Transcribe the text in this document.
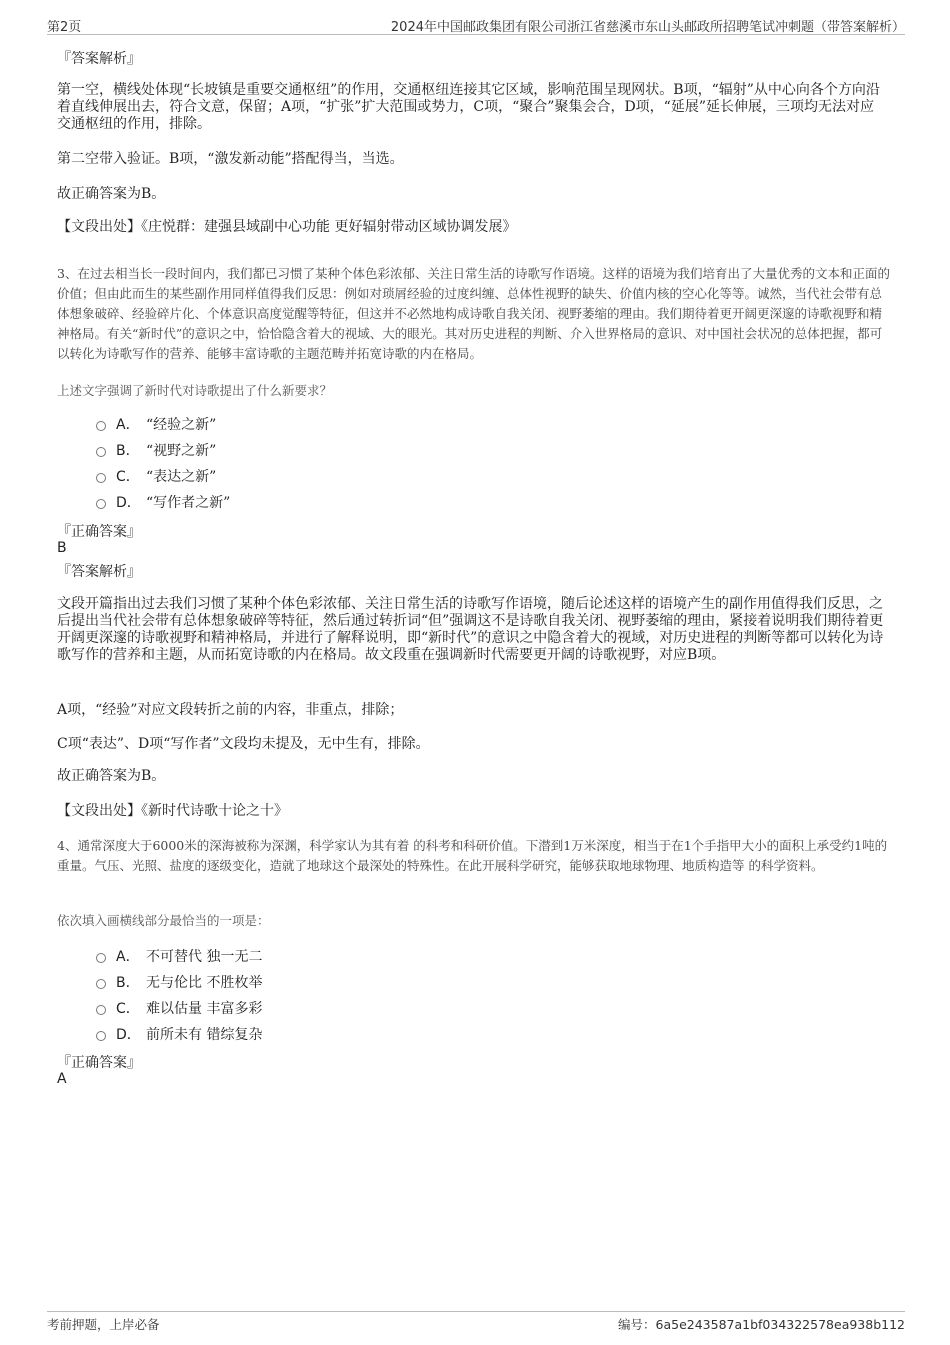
第2页	2024年中国邮政集团有限公司浙江省慈溪市东山头邮政所招聘笔试冲刺题（带答案解析）
『答案解析』
第一空，横线处体现“长坡镇是重要交通枢纽”的作用，交通枢纽连接其它区域，影响范围呈现网状。B项，“辐射”从中心向各个方向沿着直线伸展出去，符合文意，保留；A项，“扩张”扩大范围或势力，C项，“聚合”聚集会合，D项，“延展”延长伸展，三项均无法对应交通枢纽的作用，排除。
第二空带入验证。B项，“激发新动能”搭配得当，当选。
故正确答案为B。
【文段出处】《庄悦群：建强县域副中心功能 更好辐射带动区域协调发展》
3、在过去相当长一段时间内，我们都已习惯了某种个体色彩浓郁、关注日常生活的诗歌写作语境。这样的语境为我们培育出了大量优秀的文本和正面的价值；但由此而生的某些副作用同样值得我们反思：例如对琐屑经验的过度纠缠、总体性视野的缺失、价值内核的空心化等等。诚然，当代社会带有总体想象破碎、经验碎片化、个体意识高度觉醒等特征，但这并不必然地构成诗歌自我关闭、视野萎缩的理由。我们期待着更开阔更深邃的诗歌视野和精神格局。有关“新时代”的意识之中，恰恰隐含着大的视域、大的眼光。其对历史进程的判断、介入世界格局的意识、对中国社会状况的总体把握，都可以转化为诗歌写作的营养、能够丰富诗歌的主题范畴并拓宽诗歌的内在格局。
上述文字强调了新时代对诗歌提出了什么新要求？
A． “经验之新”
B． “视野之新”
C． “表达之新”
D． “写作者之新”
『正确答案』
B
『答案解析』
文段开篇指出过去我们习惯了某种个体色彩浓郁、关注日常生活的诗歌写作语境，随后论述这样的语境产生的副作用值得我们反思，之后提出当代社会带有总体想象破碎等特征，然后通过转折词“但”强调这不是诗歌自我关闭、视野萎缩的理由，紧接着说明我们期待着更开阔更深邃的诗歌视野和精神格局，并进行了解释说明，即“新时代”的意识之中隐含着大的视域，对历史进程的判断等都可以转化为诗歌写作的营养和主题，从而拓宽诗歌的内在格局。故文段重在强调新时代需要更开阔的诗歌视野，对应B项。
A项，“经验”对应文段转折之前的内容，非重点，排除；
C项“表达”、D项“写作者”文段均未提及，无中生有，排除。
故正确答案为B。
【文段出处】《新时代诗歌十论之十》
4、通常深度大于6000米的深海被称为深渊，科学家认为其有着 的科考和科研价值。下潜到1万米深度，相当于在1个手指甲大小的面积上承受约1吨的重量。气压、光照、盐度的逐级变化，造就了地球这个最深处的特殊性。在此开展科学研究，能够获取地球物理、地质构造等 的科学资料。
依次填入画横线部分最恰当的一项是：
A． 不可替代 独一无二
B． 无与伦比 不胜枚举
C． 难以估量 丰富多彩
D． 前所未有 错综复杂
『正确答案』
A
考前押题，上岸必备	编号：6a5e243587a1bf034322578ea938b112
